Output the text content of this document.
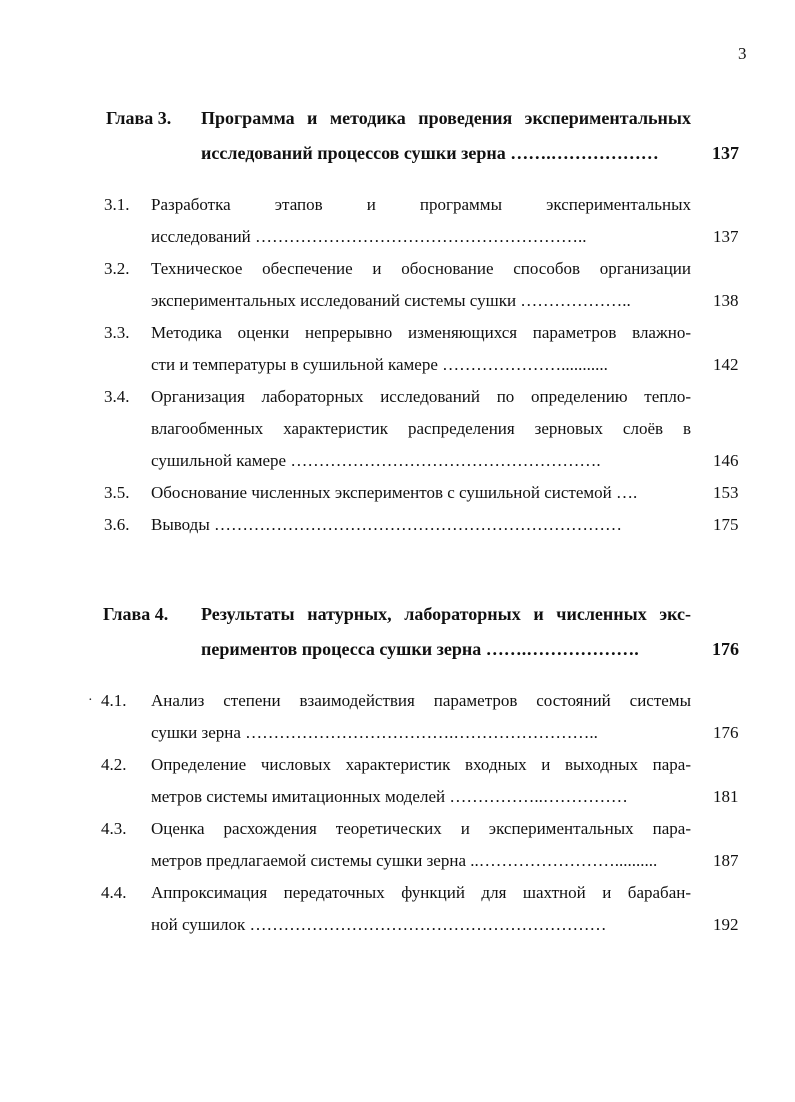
3
·
Глава 3. Программа и методика проведения экспериментальных
исследований процессов сушки зерна …….………………	137
3.1. Разработка этапов и программы экспериментальных
исследований …………………………………………………..	137
3.2. Техническое обеспечение и обоснование способов организации
экспериментальных исследований системы сушки ………………..	138
3.3. Методика оценки непрерывно изменяющихся параметров влажно-
сти и температуры в сушильной камере …………………...........	142
3.4. Организация лабораторных исследований по определению тепло-
влагообменных характеристик распределения зерновых слоёв в
сушильной камере ……………………………………………….	146
3.5. Обоснование численных экспериментов с сушильной системой ….	153
3.6. Выводы ………………………………………………………………	175
Глава 4. Результаты натурных, лабораторных и численных экс-
периментов процесса сушки зерна …….……………….	176
4.1. Анализ степени взаимодействия параметров состояний системы
сушки зерна ……………………………….……………………..	176
4.2. Определение числовых характеристик входных и выходных пара-
метров системы имитационных моделей ……………..……………	181
4.3. Оценка расхождения теоретических и экспериментальных пара-
метров предлагаемой системы сушки зерна ..……………………..........	187
4.4. Аппроксимация передаточных функций для шахтной и барабан-
ной сушилок ………………………………………………………	192
